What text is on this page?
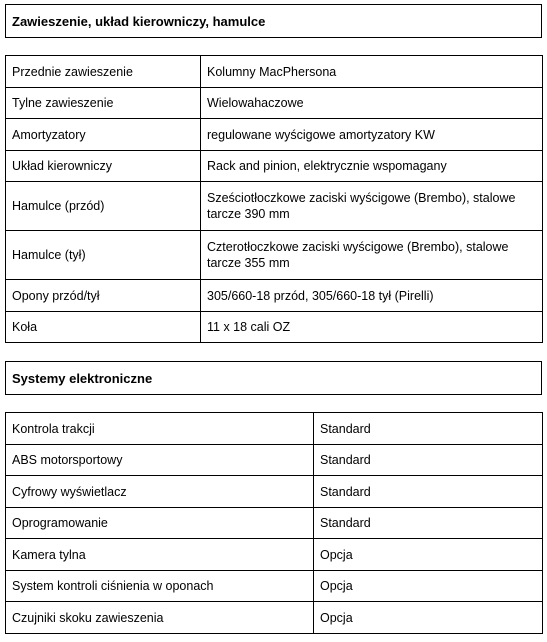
Zawieszenie, układ kierowniczy, hamulce
Przednie zawieszenie	Kolumny MacPhersona
Tylne zawieszenie	Wielowahaczowe
Amortyzatory	regulowane wyścigowe amortyzatory KW
Układ kierowniczy	Rack and pinion, elektrycznie wspomagany
Hamulce (przód)	Sześciotłoczkowe zaciski wyścigowe (Brembo), stalowe tarcze 390 mm
Hamulce (tył)	Czterotłoczkowe zaciski wyścigowe (Brembo), stalowe tarcze 355 mm
Opony przód/tył	305/660-18 przód, 305/660-18 tył (Pirelli)
Koła	11 x 18 cali OZ
Systemy elektroniczne
Kontrola trakcji	Standard
ABS motorsportowy	Standard
Cyfrowy wyświetlacz	Standard
Oprogramowanie	Standard
Kamera tylna	Opcja
System kontroli ciśnienia w oponach	Opcja
Czujniki skoku zawieszenia	Opcja
